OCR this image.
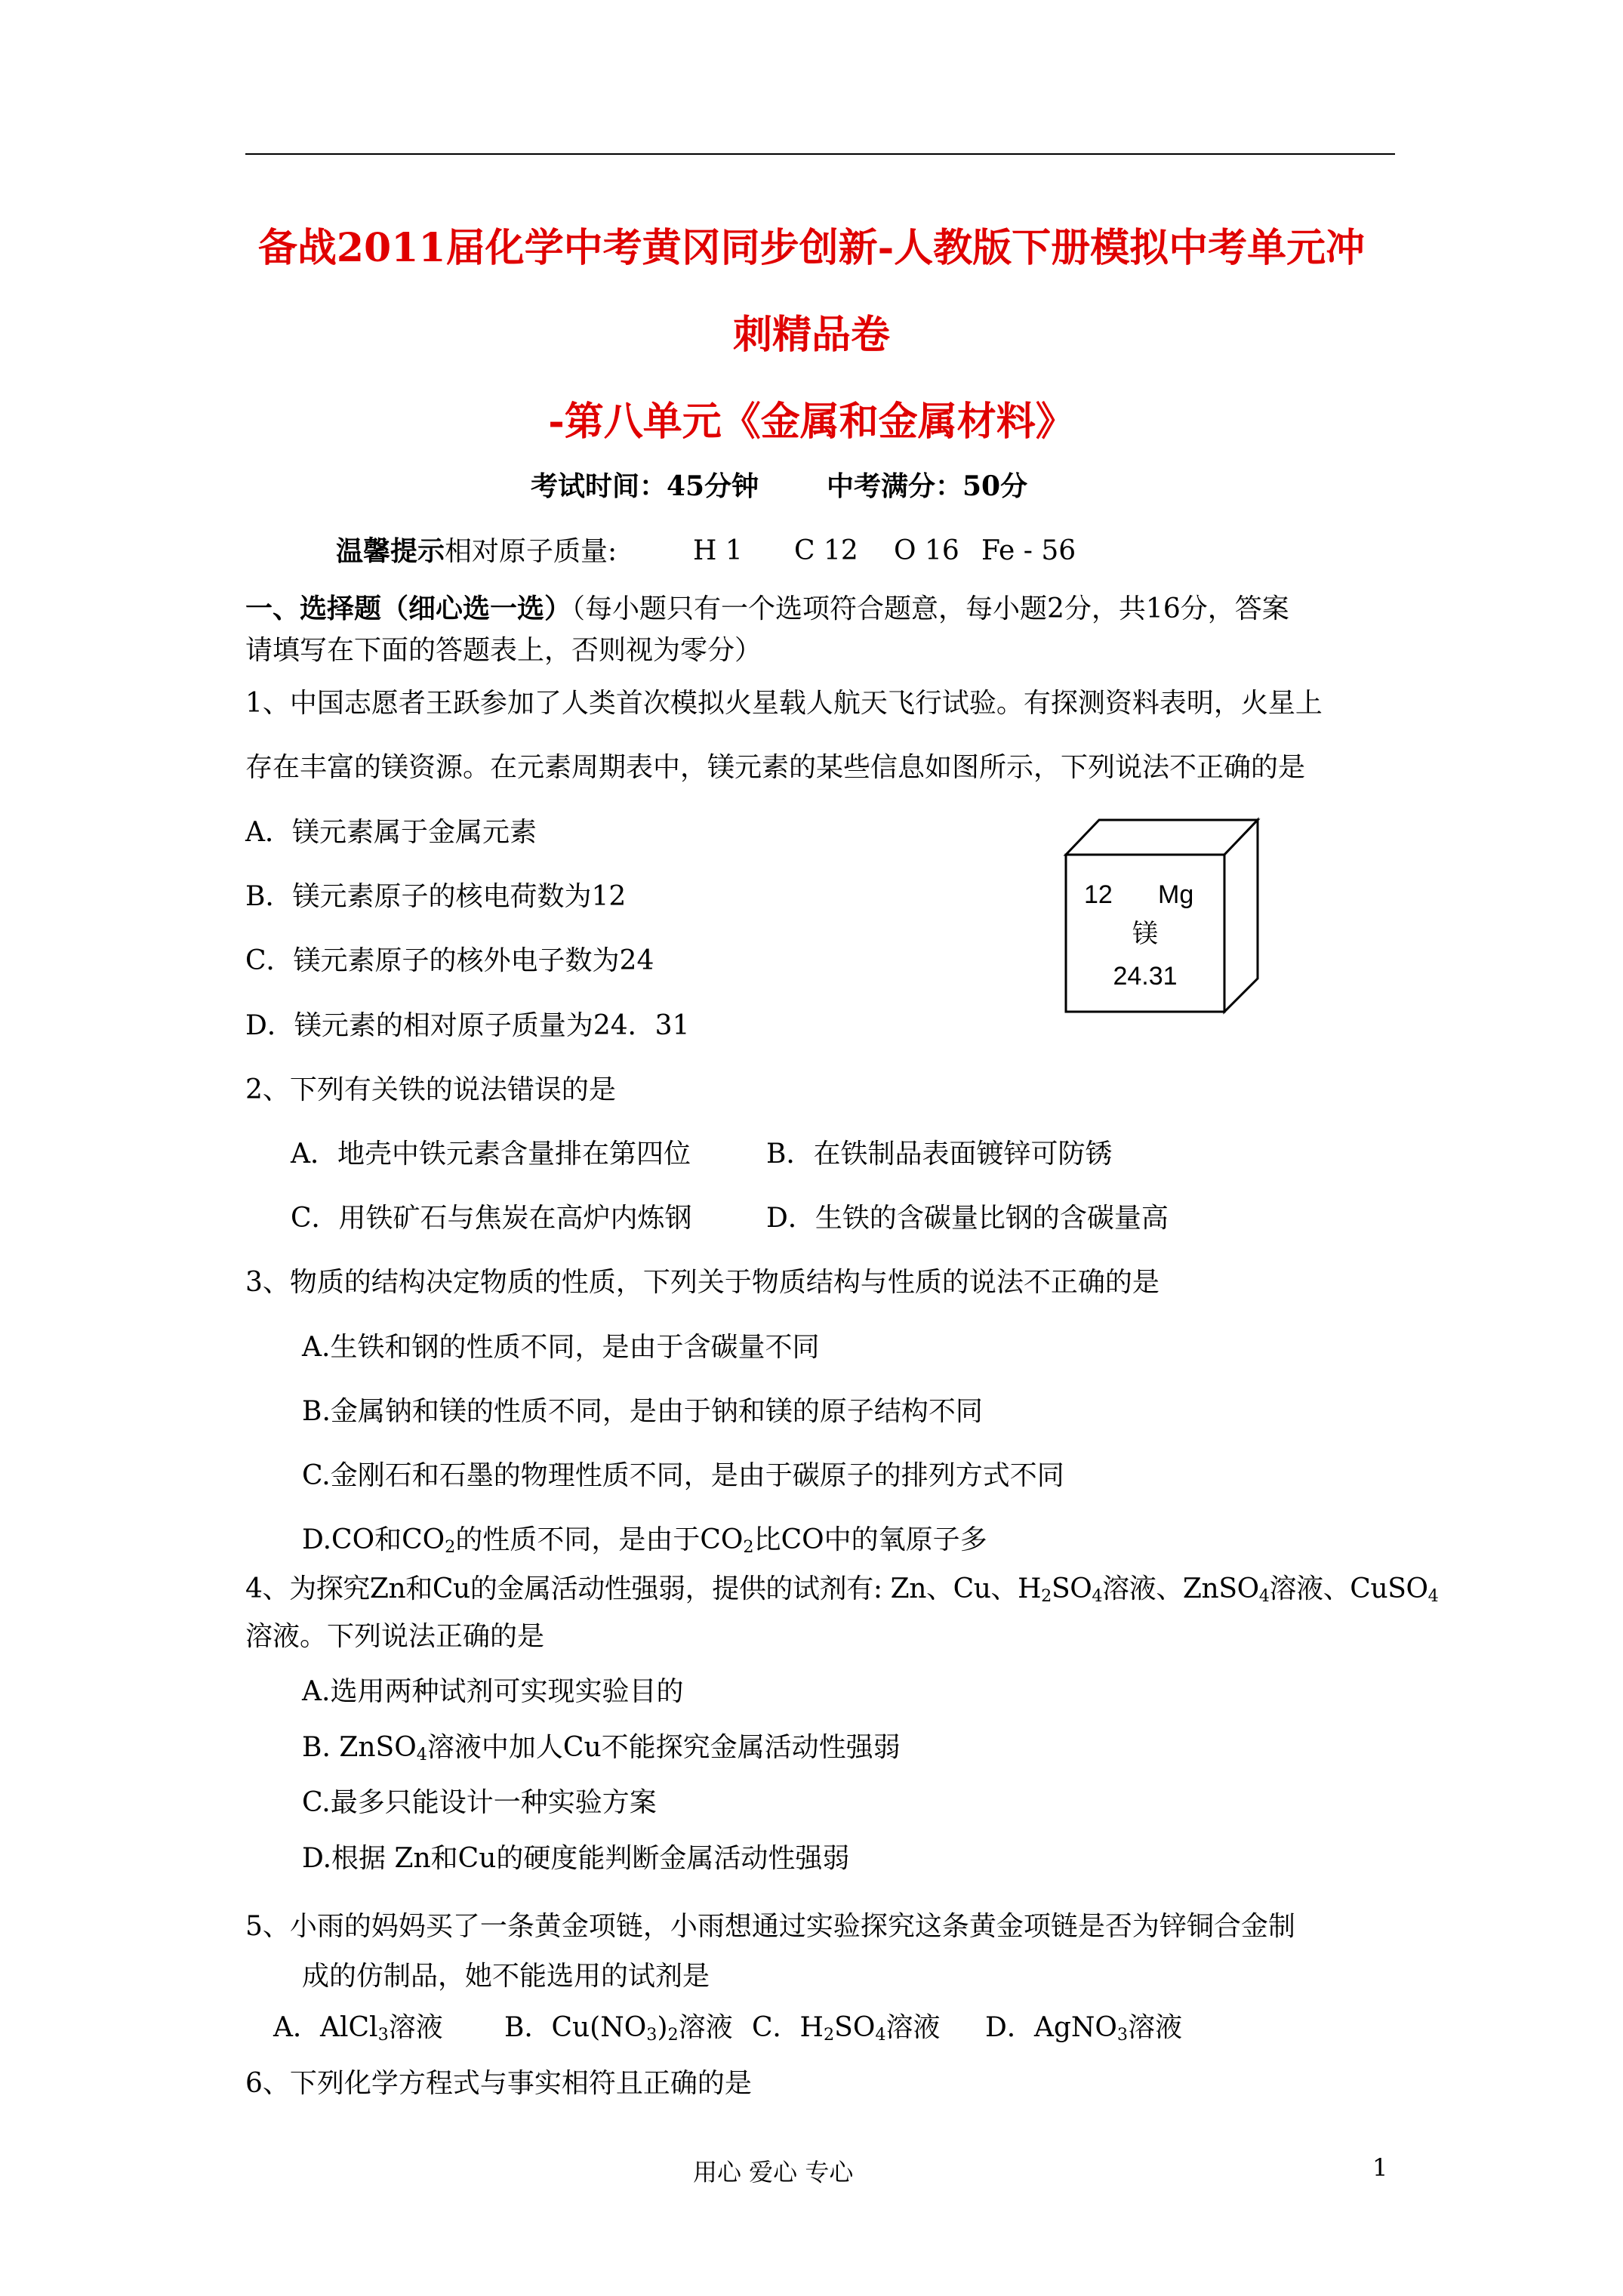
备战2011届化学中考黄冈同步创新-人教版下册模拟中考单元冲
刺精品卷
-第八单元《金属和金属材料》
考试时间：45分钟 中考满分：50分
温馨提示相对原子质量:	H 1 C 12 O 16 Fe - 56
一、选择题（细心选一选）（每小题只有一个选项符合题意，每小题2分，共16分，答案
请填写在下面的答题表上，否则视为零分）
1、中国志愿者王跃参加了人类首次模拟火星载人航天飞行试验。有探测资料表明，火星上
存在丰富的镁资源。在元素周期表中，镁元素的某些信息如图所示，下列说法不正确的是
A．镁元素属于金属元素
B．镁元素原子的核电荷数为12
C．镁元素原子的核外电子数为24
D．镁元素的相对原子质量为24．31
12 Mg
镁
24.31
2、下列有关铁的说法错误的是
A．地壳中铁元素含量排在第四位	B．在铁制品表面镀锌可防锈
C．用铁矿石与焦炭在高炉内炼钢	D．生铁的含碳量比钢的含碳量高
3、物质的结构决定物质的性质，下列关于物质结构与性质的说法不正确的是
A.生铁和钢的性质不同，是由于含碳量不同
B.金属钠和镁的性质不同，是由于钠和镁的原子结构不同
C.金刚石和石墨的物理性质不同，是由于碳原子的排列方式不同
D.CO和$CO_2$的性质不同，是由于$CO_2$比CO中的氧原子多
4、为探究Zn和Cu的金属活动性强弱，提供的试剂有: Zn、Cu、$H_2SO_4$溶液、ZnSO$_4$溶液、CuSO$_4$
溶液。下列说法正确的是
A.选用两种试剂可实现实验目的
B. ZnSO$_4$溶液中加人Cu不能探究金属活动性强弱
C.最多只能设计一种实验方案
D.根据 Zn和Cu的硬度能判断金属活动性强弱
5、小雨的妈妈买了一条黄金项链，小雨想通过实验探究这条黄金项链是否为锌铜合金制
成的仿制品，她不能选用的试剂是
A．AlCl$_3$溶液 B．$Cu(NO_3)_2$溶液 C．$H_2SO_4$溶液 D．AgNO$_3$溶液
6、下列化学方程式与事实相符且正确的是
用心 爱心 专心	1
